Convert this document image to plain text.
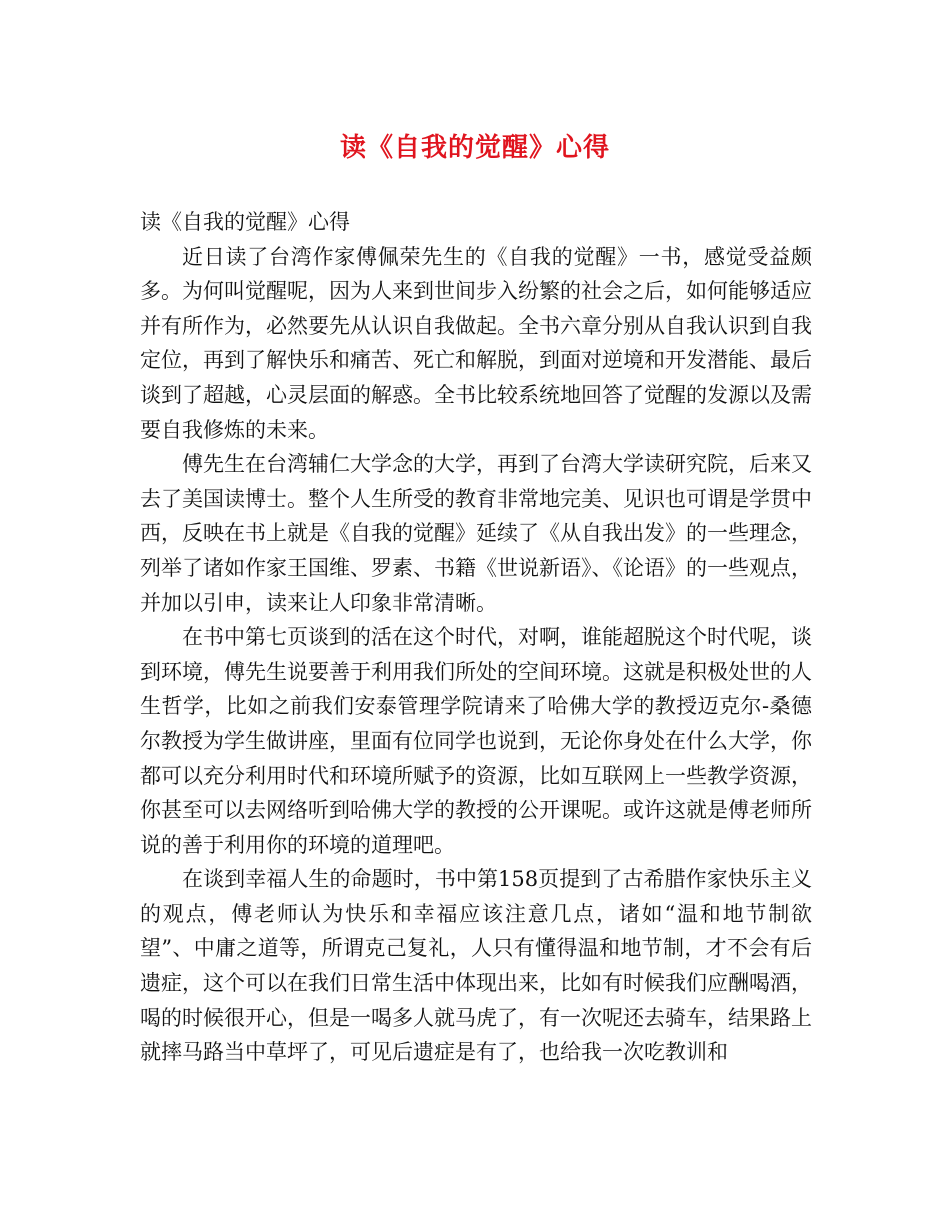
读《自我的觉醒》心得

读《自我的觉醒》心得

近日读了台湾作家傅佩荣先生的《自我的觉醒》一书，感觉受益颇多。为何叫觉醒呢，因为人来到世间步入纷繁的社会之后，如何能够适应并有所作为，必然要先从认识自我做起。全书六章分别从自我认识到自我定位，再到了解快乐和痛苦、死亡和解脱，到面对逆境和开发潜能、最后谈到了超越，心灵层面的解惑。全书比较系统地回答了觉醒的发源以及需要自我修炼的未来。

傅先生在台湾辅仁大学念的大学，再到了台湾大学读研究院，后来又去了美国读博士。整个人生所受的教育非常地完美、见识也可谓是学贯中西，反映在书上就是《自我的觉醒》延续了《从自我出发》的一些理念，列举了诸如作家王国维、罗素、书籍《世说新语》、《论语》的一些观点，并加以引申，读来让人印象非常清晰。

在书中第七页谈到的活在这个时代，对啊，谁能超脱这个时代呢，谈到环境，傅先生说要善于利用我们所处的空间环境。这就是积极处世的人生哲学，比如之前我们安泰管理学院请来了哈佛大学的教授迈克尔-桑德尔教授为学生做讲座，里面有位同学也说到，无论你身处在什么大学，你都可以充分利用时代和环境所赋予的资源，比如互联网上一些教学资源，你甚至可以去网络听到哈佛大学的教授的公开课呢。或许这就是傅老师所说的善于利用你的环境的道理吧。

在谈到幸福人生的命题时，书中第158页提到了古希腊作家快乐主义的观点，傅老师认为快乐和幸福应该注意几点，诸如“温和地节制欲望”、中庸之道等，所谓克己复礼，人只有懂得温和地节制，才不会有后遗症，这个可以在我们日常生活中体现出来，比如有时候我们应酬喝酒，喝的时候很开心，但是一喝多人就马虎了，有一次呢还去骑车，结果路上就摔马路当中草坪了，可见后遗症是有了，也给我一次吃教训和
